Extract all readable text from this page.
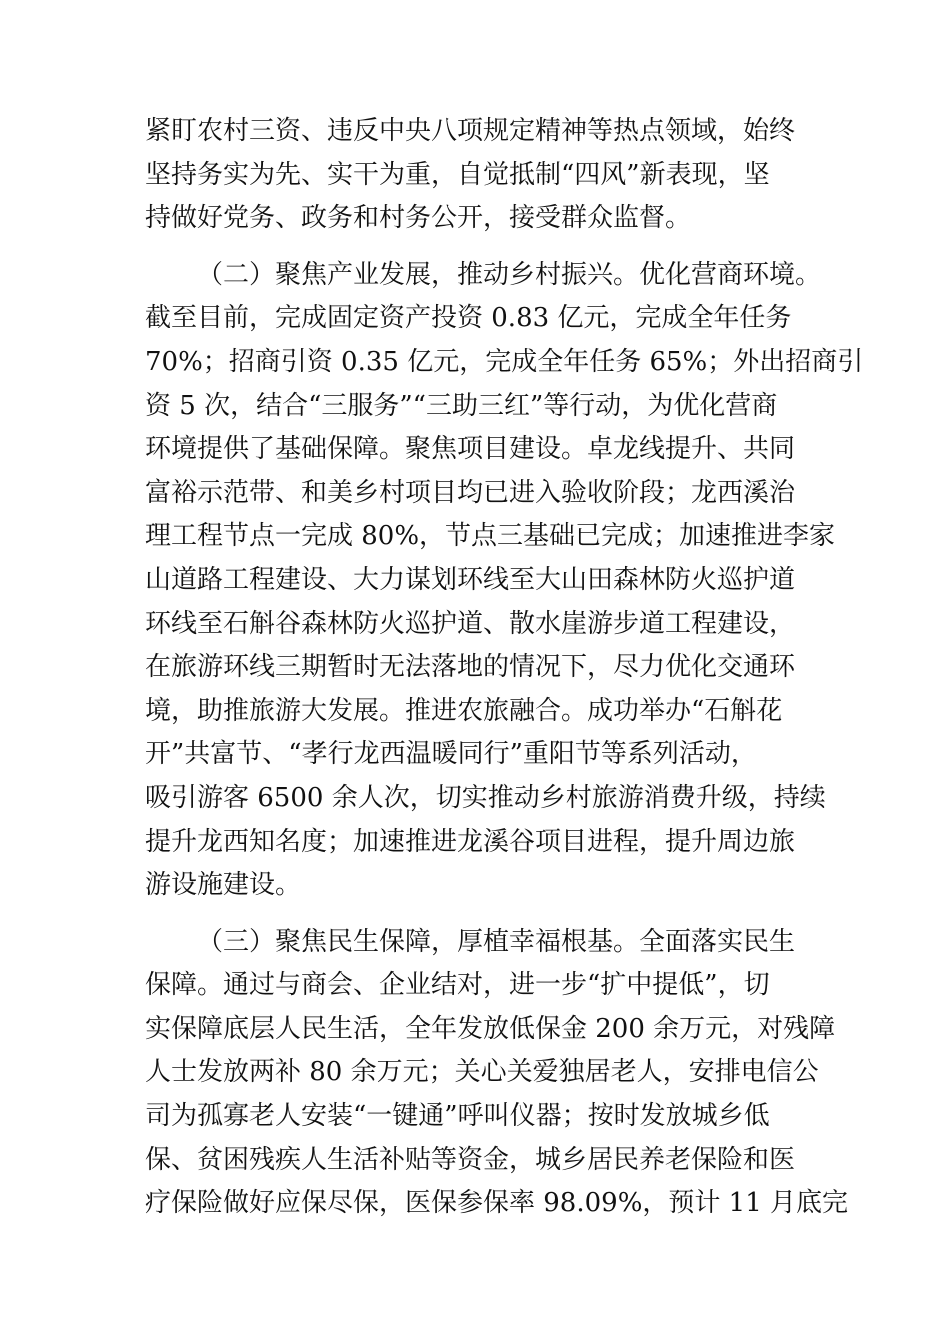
紧盯农村三资、违反中央八项规定精神等热点领域，始终
坚持务实为先、实干为重，自觉抵制“四风”新表现，坚
持做好党务、政务和村务公开，接受群众监督。
（二）聚焦产业发展，推动乡村振兴。优化营商环境。
截至目前，完成固定资产投资 0.83 亿元，完成全年任务
70%；招商引资 0.35 亿元，完成全年任务 65%；外出招商引
资 5 次，结合“三服务”“三助三红”等行动，为优化营商
环境提供了基础保障。聚焦项目建设。卓龙线提升、共同
富裕示范带、和美乡村项目均已进入验收阶段；龙西溪治
理工程节点一完成 80%，节点三基础已完成；加速推进李家
山道路工程建设、大力谋划环线至大山田森林防火巡护道
环线至石斛谷森林防火巡护道、散水崖游步道工程建设，
在旅游环线三期暂时无法落地的情况下，尽力优化交通环
境，助推旅游大发展。推进农旅融合。成功举办“石斛花
开”共富节、“孝行龙西温暖同行”重阳节等系列活动，
吸引游客 6500 余人次，切实推动乡村旅游消费升级，持续
提升龙西知名度；加速推进龙溪谷项目进程，提升周边旅
游设施建设。
（三）聚焦民生保障，厚植幸福根基。全面落实民生
保障。通过与商会、企业结对，进一步“扩中提低”，切
实保障底层人民生活，全年发放低保金 200 余万元，对残障
人士发放两补 80 余万元；关心关爱独居老人，安排电信公
司为孤寡老人安装“一键通”呼叫仪器；按时发放城乡低
保、贫困残疾人生活补贴等资金，城乡居民养老保险和医
疗保险做好应保尽保，医保参保率 98.09%，预计 11 月底完
